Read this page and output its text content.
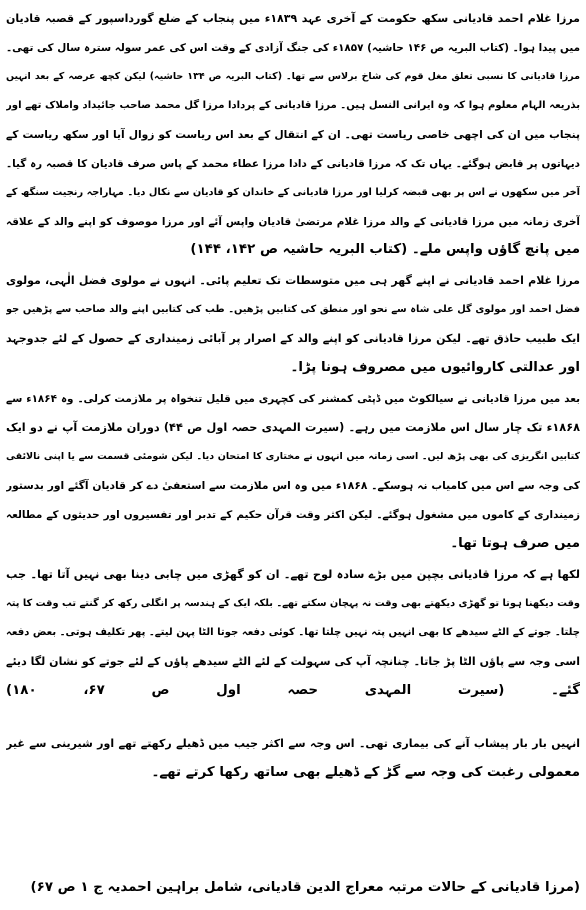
مرزا غلام احمد قادیانی سکھ حکومت کے آخری عہد ۱۸۳۹ء میں پنجاب کے ضلع گورداسپور کے قصبہ قادیان
میں پیدا ہوا۔ (کتاب البریہ ص ۱۴۶ حاشیہ) ۱۸۵۷ء کی جنگ آزادی کے وقت اس کی عمر سولہ سترہ سال کی تھی۔
مرزا قادیانی کا نسبی تعلق مغل قوم کی شاخ برلاس سے تھا۔ (کتاب البریہ ص ۱۳۴ حاشیہ) لیکن کچھ عرصہ کے بعد انہیں
بذریعہ الہام معلوم ہوا کہ وہ ایرانی النسل ہیں۔ مرزا قادیانی کے پردادا مرزا گل محمد صاحب جائیداد واملاک تھے اور
پنجاب میں ان کی اچھی خاصی ریاست تھی۔ ان کے انتقال کے بعد اس ریاست کو زوال آیا اور سکھ ریاست کے
دیہاتوں پر قابض ہوگئے۔ یہاں تک کہ مرزا قادیانی کے دادا مرزا عطاء محمد کے پاس صرف قادیان کا قصبہ رہ گیا۔
آخر میں سکھوں نے اس پر بھی قبضہ کرلیا اور مرزا قادیانی کے خاندان کو قادیان سے نکال دیا۔ مہاراجہ رنجیت سنگھ کے
آخری زمانہ میں مرزا قادیانی کے والد مرزا غلام مرتضیٰ قادیان واپس آئے اور مرزا موصوف کو اپنے والد کے علاقہ
میں پانچ گاؤں واپس ملے۔ (کتاب البریہ حاشیہ ص ۱۴۲، ۱۴۴)
مرزا غلام احمد قادیانی نے اپنے گھر ہی میں متوسطات تک تعلیم پائی۔ انہوں نے مولوی فضل الٰہی، مولوی
فضل احمد اور مولوی گل علی شاہ سے نحو اور منطق کی کتابیں پڑھیں۔ طب کی کتابیں اپنے والد صاحب سے پڑھیں جو
ایک طبیب حاذق تھے۔ لیکن مرزا قادیانی کو اپنے والد کے اصرار پر آبائی زمینداری کے حصول کے لئے جدوجہد
اور عدالتی کاروائیوں میں مصروف ہونا پڑا۔
بعد میں مرزا قادیانی نے سیالکوٹ میں ڈپٹی کمشنر کی کچہری میں قلیل تنخواہ پر ملازمت کرلی۔ وہ ۱۸۶۴ء سے
۱۸۶۸ء تک چار سال اس ملازمت میں رہے۔ (سیرت المہدی حصہ اول ص ۴۴) دوران ملازمت آپ نے دو ایک
کتابیں انگریزی کی بھی پڑھ لیں۔ اسی زمانہ میں انہوں نے مختاری کا امتحان دیا۔ لیکن شومئی قسمت سے یا اپنی نالائقی
کی وجہ سے اس میں کامیاب نہ ہوسکے۔ ۱۸۶۸ء میں وہ اس ملازمت سے استعفیٰ دے کر قادیان آگئے اور بدستور
زمینداری کے کاموں میں مشغول ہوگئے۔ لیکن اکثر وقت قرآن حکیم کے تدبر اور تفسیروں اور حدیثوں کے مطالعہ
میں صرف ہوتا تھا۔
لکھا ہے کہ مرزا قادیانی بچپن میں بڑے سادہ لوح تھے۔ ان کو گھڑی میں چابی دینا بھی نہیں آتا تھا۔ جب
وقت دیکھنا ہوتا تو گھڑی دیکھتے بھی وقت نہ پہچان سکتے تھے۔ بلکہ ایک کے ہندسہ پر انگلی رکھ کر گنتے تب وقت کا پتہ
چلتا۔ جوتے کے الٹے سیدھے کا بھی انہیں پتہ نہیں چلتا تھا۔ کوئی دفعہ جوتا الٹا پہن لیتے۔ پھر تکلیف ہوتی۔ بعض دفعہ
اسی وجہ سے پاؤں الٹا پڑ جاتا۔ چنانچہ آپ کی سہولت کے لئے الٹے سیدھے پاؤں کے لئے جوتے کو نشان لگا دیئے
گئے۔ (سیرت المہدی حصہ اول ص ۶۷، ۱۸۰)
انہیں بار بار پیشاب آنے کی بیماری تھی۔ اس وجہ سے اکثر جیب میں ڈھیلے رکھتے تھے اور شیرینی سے غیر
معمولی رغبت کی وجہ سے گڑ کے ڈھیلے بھی ساتھ رکھا کرتے تھے۔
(مرزا قادیانی کے حالات مرتبہ معراج الدین قادیانی، شامل براہین احمدیہ ج ۱ ص ۶۷)
